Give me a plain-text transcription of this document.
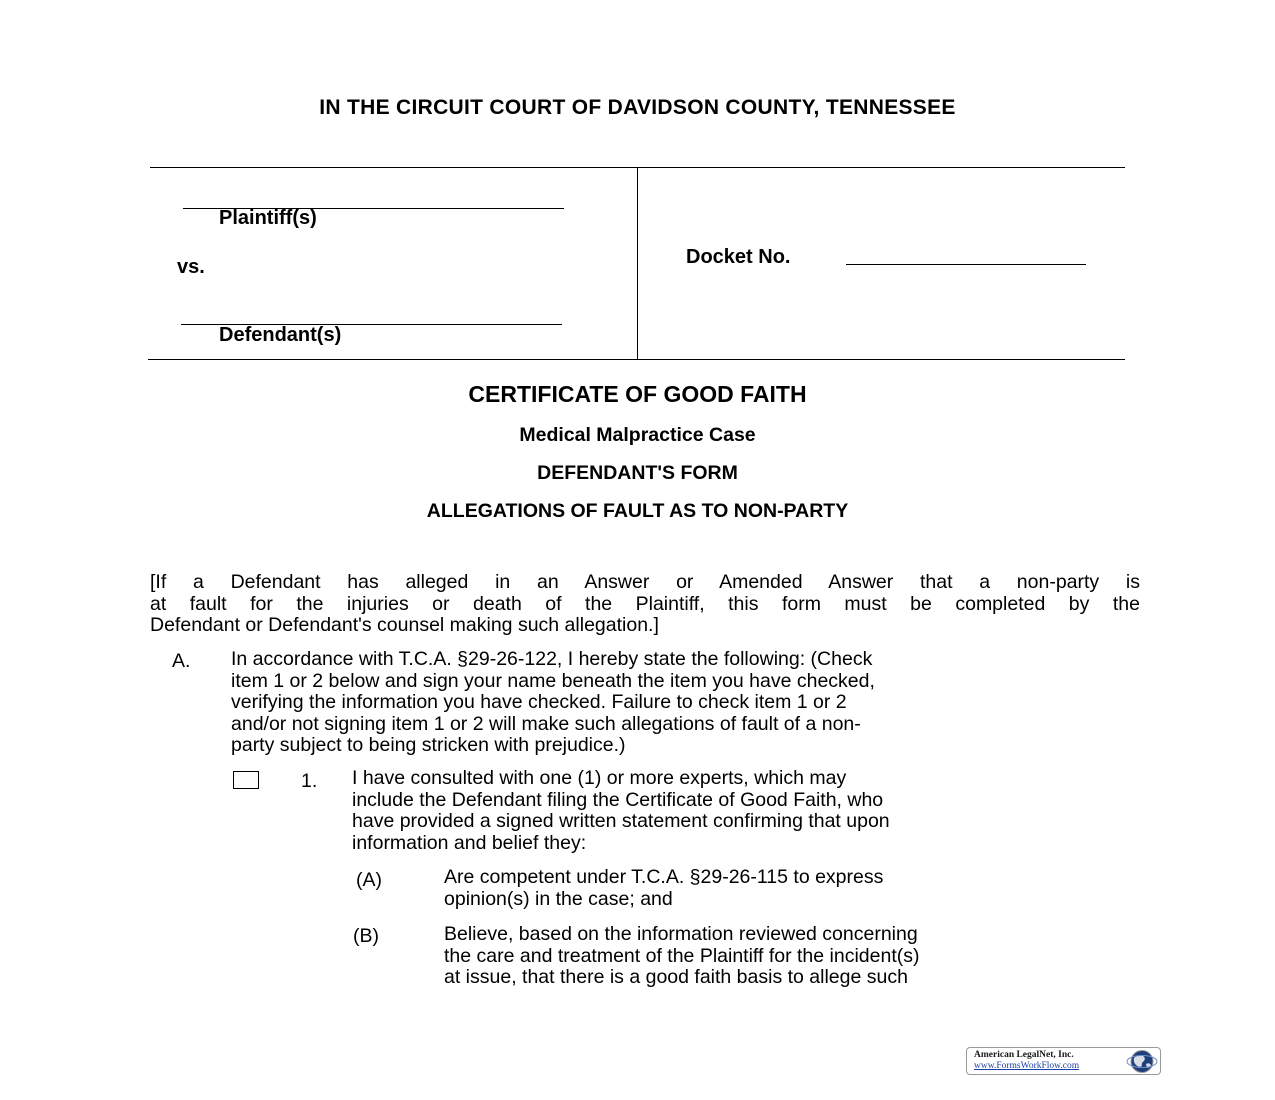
IN THE CIRCUIT COURT OF DAVIDSON COUNTY, TENNESSEE
Plaintiff(s)
vs.
Defendant(s)
Docket No.
CERTIFICATE OF GOOD FAITH
Medical Malpractice Case
DEFENDANT'S FORM
ALLEGATIONS OF FAULT AS TO NON-PARTY
[If a Defendant has alleged in an Answer or Amended Answer that a non-party is
at fault for the injuries or death of the Plaintiff, this form must be completed by the
Defendant or Defendant's counsel making such allegation.]
A. In accordance with T.C.A. §29-26-122, I hereby state the following: (Check
item 1 or 2 below and sign your name beneath the item you have checked,
verifying the information you have checked. Failure to check item 1 or 2
and/or not signing item 1 or 2 will make such allegations of fault of a non-
party subject to being stricken with prejudice.)
1. I have consulted with one (1) or more experts, which may
include the Defendant filing the Certificate of Good Faith, who
have provided a signed written statement confirming that upon
information and belief they:
(A)	Are competent under T.C.A. §29-26-115 to express
opinion(s) in the case; and
(B)	Believe, based on the information reviewed concerning
the care and treatment of the Plaintiff for the incident(s)
at issue, that there is a good faith basis to allege such
American LegalNet, Inc.
www.FormsWorkFlow.com
